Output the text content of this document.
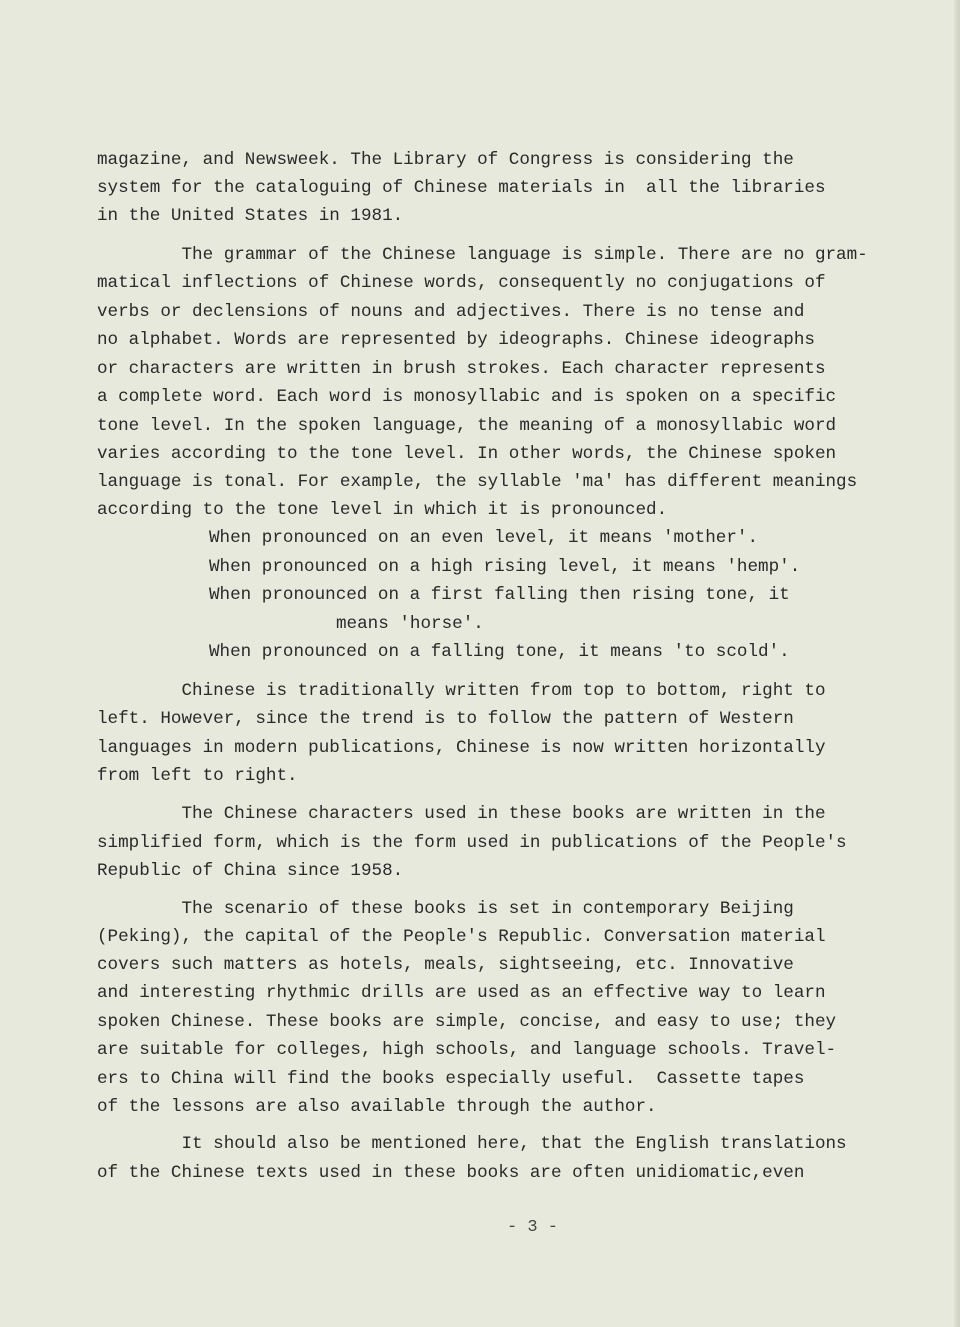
magazine, and Newsweek. The Library of Congress is considering the
system for the cataloguing of Chinese materials in  all the libraries
in the United States in 1981.
The grammar of the Chinese language is simple. There are no gram-
matical inflections of Chinese words, consequently no conjugations of
verbs or declensions of nouns and adjectives. There is no tense and
no alphabet. Words are represented by ideographs. Chinese ideographs
or characters are written in brush strokes. Each character represents
a complete word. Each word is monosyllabic and is spoken on a specific
tone level. In the spoken language, the meaning of a monosyllabic word
varies according to the tone level. In other words, the Chinese spoken
language is tonal. For example, the syllable 'ma' has different meanings
according to the tone level in which it is pronounced.
When pronounced on an even level, it means 'mother'.
When pronounced on a high rising level, it means 'hemp'.
When pronounced on a first falling then rising tone, it
means 'horse'.
When pronounced on a falling tone, it means 'to scold'.
Chinese is traditionally written from top to bottom, right to
left. However, since the trend is to follow the pattern of Western
languages in modern publications, Chinese is now written horizontally
from left to right.
The Chinese characters used in these books are written in the
simplified form, which is the form used in publications of the People's
Republic of China since 1958.
The scenario of these books is set in contemporary Beijing
(Peking), the capital of the People's Republic. Conversation material
covers such matters as hotels, meals, sightseeing, etc. Innovative
and interesting rhythmic drills are used as an effective way to learn
spoken Chinese. These books are simple, concise, and easy to use; they
are suitable for colleges, high schools, and language schools. Travel-
ers to China will find the books especially useful.  Cassette tapes
of the lessons are also available through the author.
It should also be mentioned here, that the English translations
of the Chinese texts used in these books are often unidiomatic,even
- 3 -
